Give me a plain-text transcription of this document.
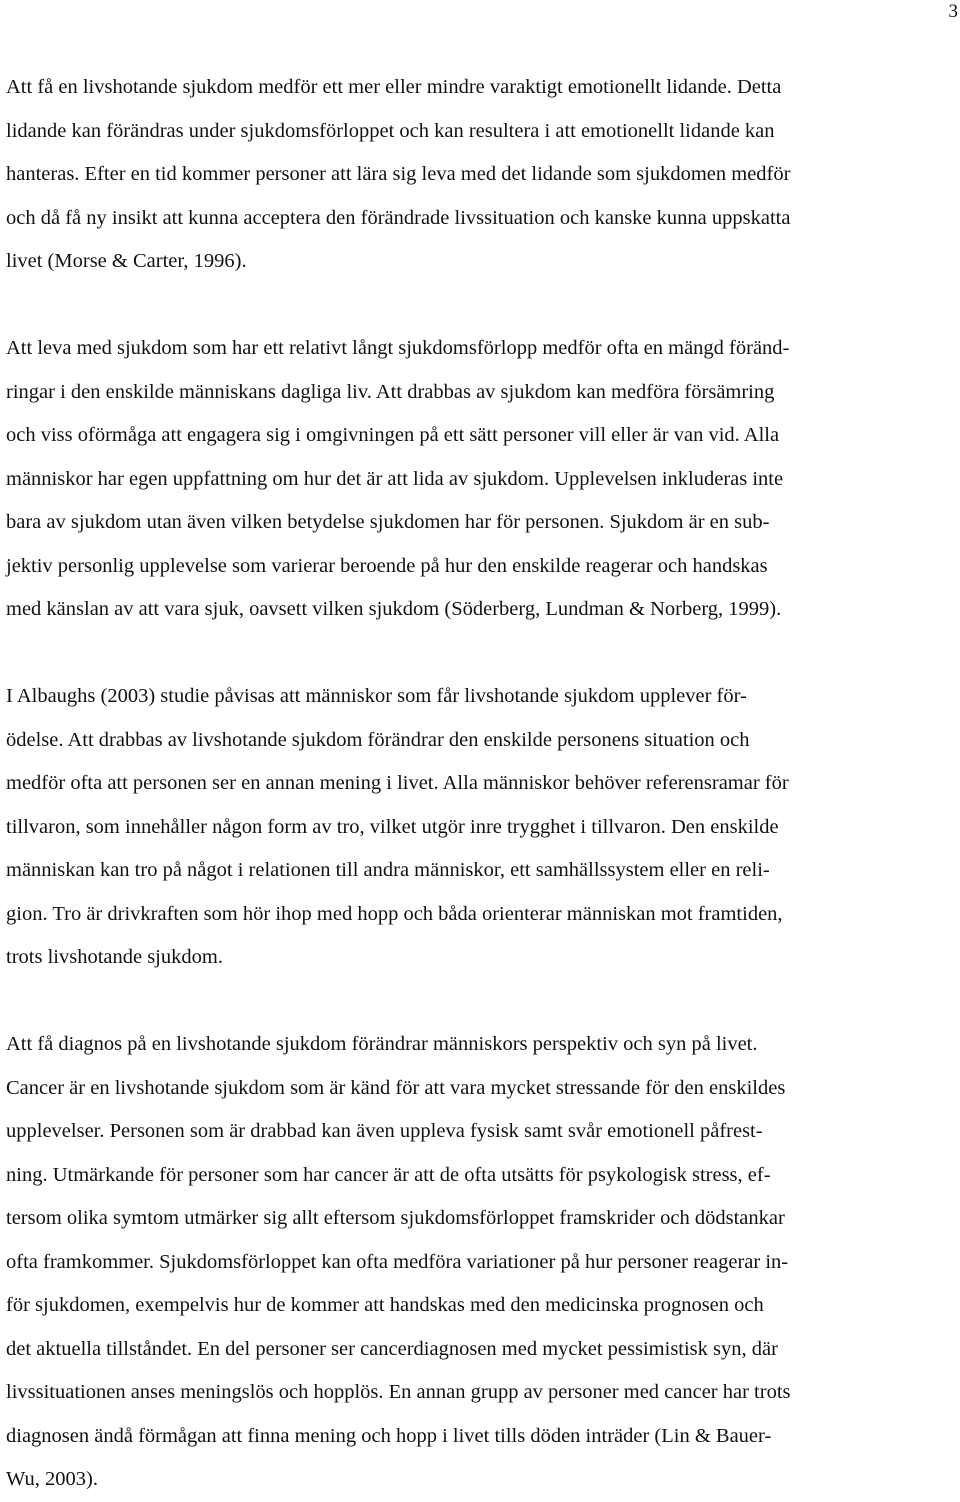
3
Att få en livshotande sjukdom medför ett mer eller mindre varaktigt emotionellt lidande. Detta
lidande kan förändras under sjukdomsförloppet och kan resultera i att emotionellt lidande kan
hanteras. Efter en tid kommer personer att lära sig leva med det lidande som sjukdomen medför
och då få ny insikt att kunna acceptera den förändrade livssituation och kanske kunna uppskatta
livet (Morse & Carter, 1996).
Att leva med sjukdom som har ett relativt långt sjukdomsförlopp medför ofta en mängd föränd-
ringar i den enskilde människans dagliga liv. Att drabbas av sjukdom kan medföra försämring
och viss oförmåga att engagera sig i omgivningen på ett sätt personer vill eller är van vid. Alla
människor har egen uppfattning om hur det är att lida av sjukdom. Upplevelsen inkluderas inte
bara av sjukdom utan även vilken betydelse sjukdomen har för personen. Sjukdom är en sub-
jektiv personlig upplevelse som varierar beroende på hur den enskilde reagerar och handskas
med känslan av att vara sjuk, oavsett vilken sjukdom (Söderberg, Lundman & Norberg, 1999).
I Albaughs (2003) studie påvisas att människor som får livshotande sjukdom upplever för-
ödelse. Att drabbas av livshotande sjukdom förändrar den enskilde personens situation och
medför ofta att personen ser en annan mening i livet. Alla människor behöver referensramar för
tillvaron, som innehåller någon form av tro, vilket utgör inre trygghet i tillvaron. Den enskilde
människan kan tro på något i relationen till andra människor, ett samhällssystem eller en reli-
gion. Tro är drivkraften som hör ihop med hopp och båda orienterar människan mot framtiden,
trots livshotande sjukdom.
Att få diagnos på en livshotande sjukdom förändrar människors perspektiv och syn på livet.
Cancer är en livshotande sjukdom som är känd för att vara mycket stressande för den enskildes
upplevelser. Personen som är drabbad kan även uppleva fysisk samt svår emotionell påfrest-
ning. Utmärkande för personer som har cancer är att de ofta utsätts för psykologisk stress, ef-
tersom olika symtom utmärker sig allt eftersom sjukdomsförloppet framskrider och dödstankar
ofta framkommer. Sjukdomsförloppet kan ofta medföra variationer på hur personer reagerar in-
för sjukdomen, exempelvis hur de kommer att handskas med den medicinska prognosen och
det aktuella tillståndet. En del personer ser cancerdiagnosen med mycket pessimistisk syn, där
livssituationen anses meningslös och hopplös. En annan grupp av personer med cancer har trots
diagnosen ändå förmågan att finna mening och hopp i livet tills döden inträder (Lin & Bauer-
Wu, 2003).
